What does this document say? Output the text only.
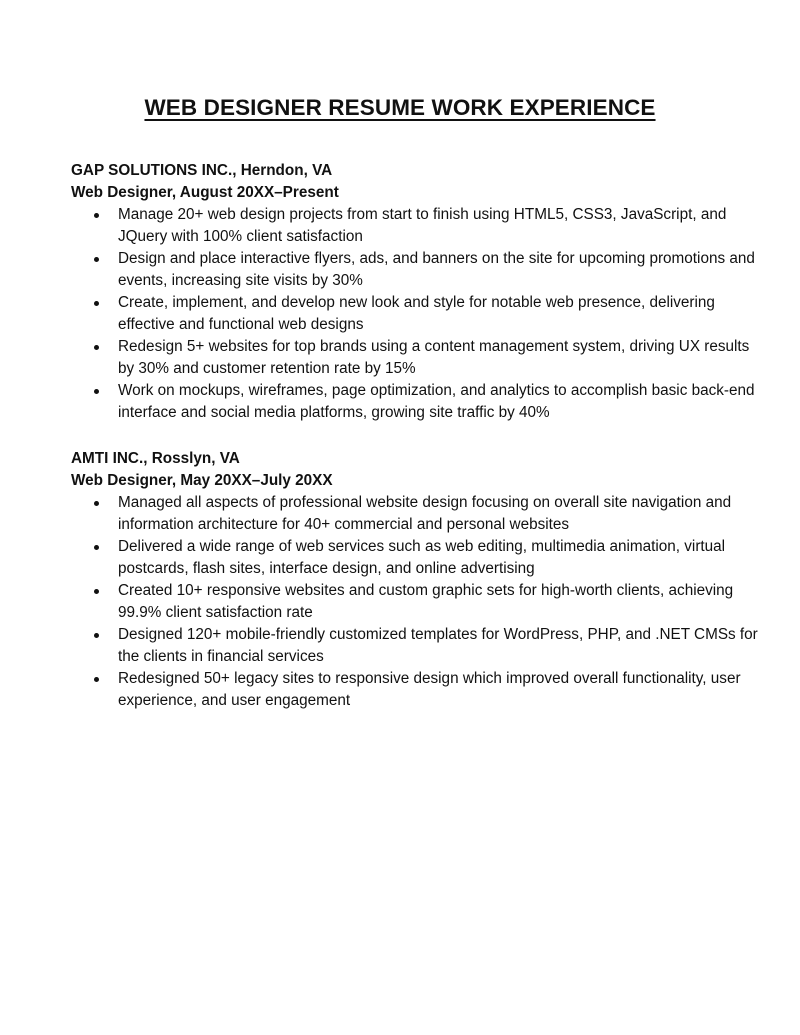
WEB DESIGNER RESUME WORK EXPERIENCE
GAP SOLUTIONS INC., Herndon, VA
Web Designer, August 20XX–Present
Manage 20+ web design projects from start to finish using HTML5, CSS3, JavaScript, and JQuery with 100% client satisfaction
Design and place interactive flyers, ads, and banners on the site for upcoming promotions and events, increasing site visits by 30%
Create, implement, and develop new look and style for notable web presence, delivering effective and functional web designs
Redesign 5+ websites for top brands using a content management system, driving UX results by 30% and customer retention rate by 15%
Work on mockups, wireframes, page optimization, and analytics to accomplish basic back-end interface and social media platforms, growing site traffic by 40%
AMTI INC., Rosslyn, VA
Web Designer, May 20XX–July 20XX
Managed all aspects of professional website design focusing on overall site navigation and information architecture for 40+ commercial and personal websites
Delivered a wide range of web services such as web editing, multimedia animation, virtual postcards, flash sites, interface design, and online advertising
Created 10+ responsive websites and custom graphic sets for high-worth clients, achieving 99.9% client satisfaction rate
Designed 120+ mobile-friendly customized templates for WordPress, PHP, and .NET CMSs for the clients in financial services
Redesigned 50+ legacy sites to responsive design which improved overall functionality, user experience, and user engagement
